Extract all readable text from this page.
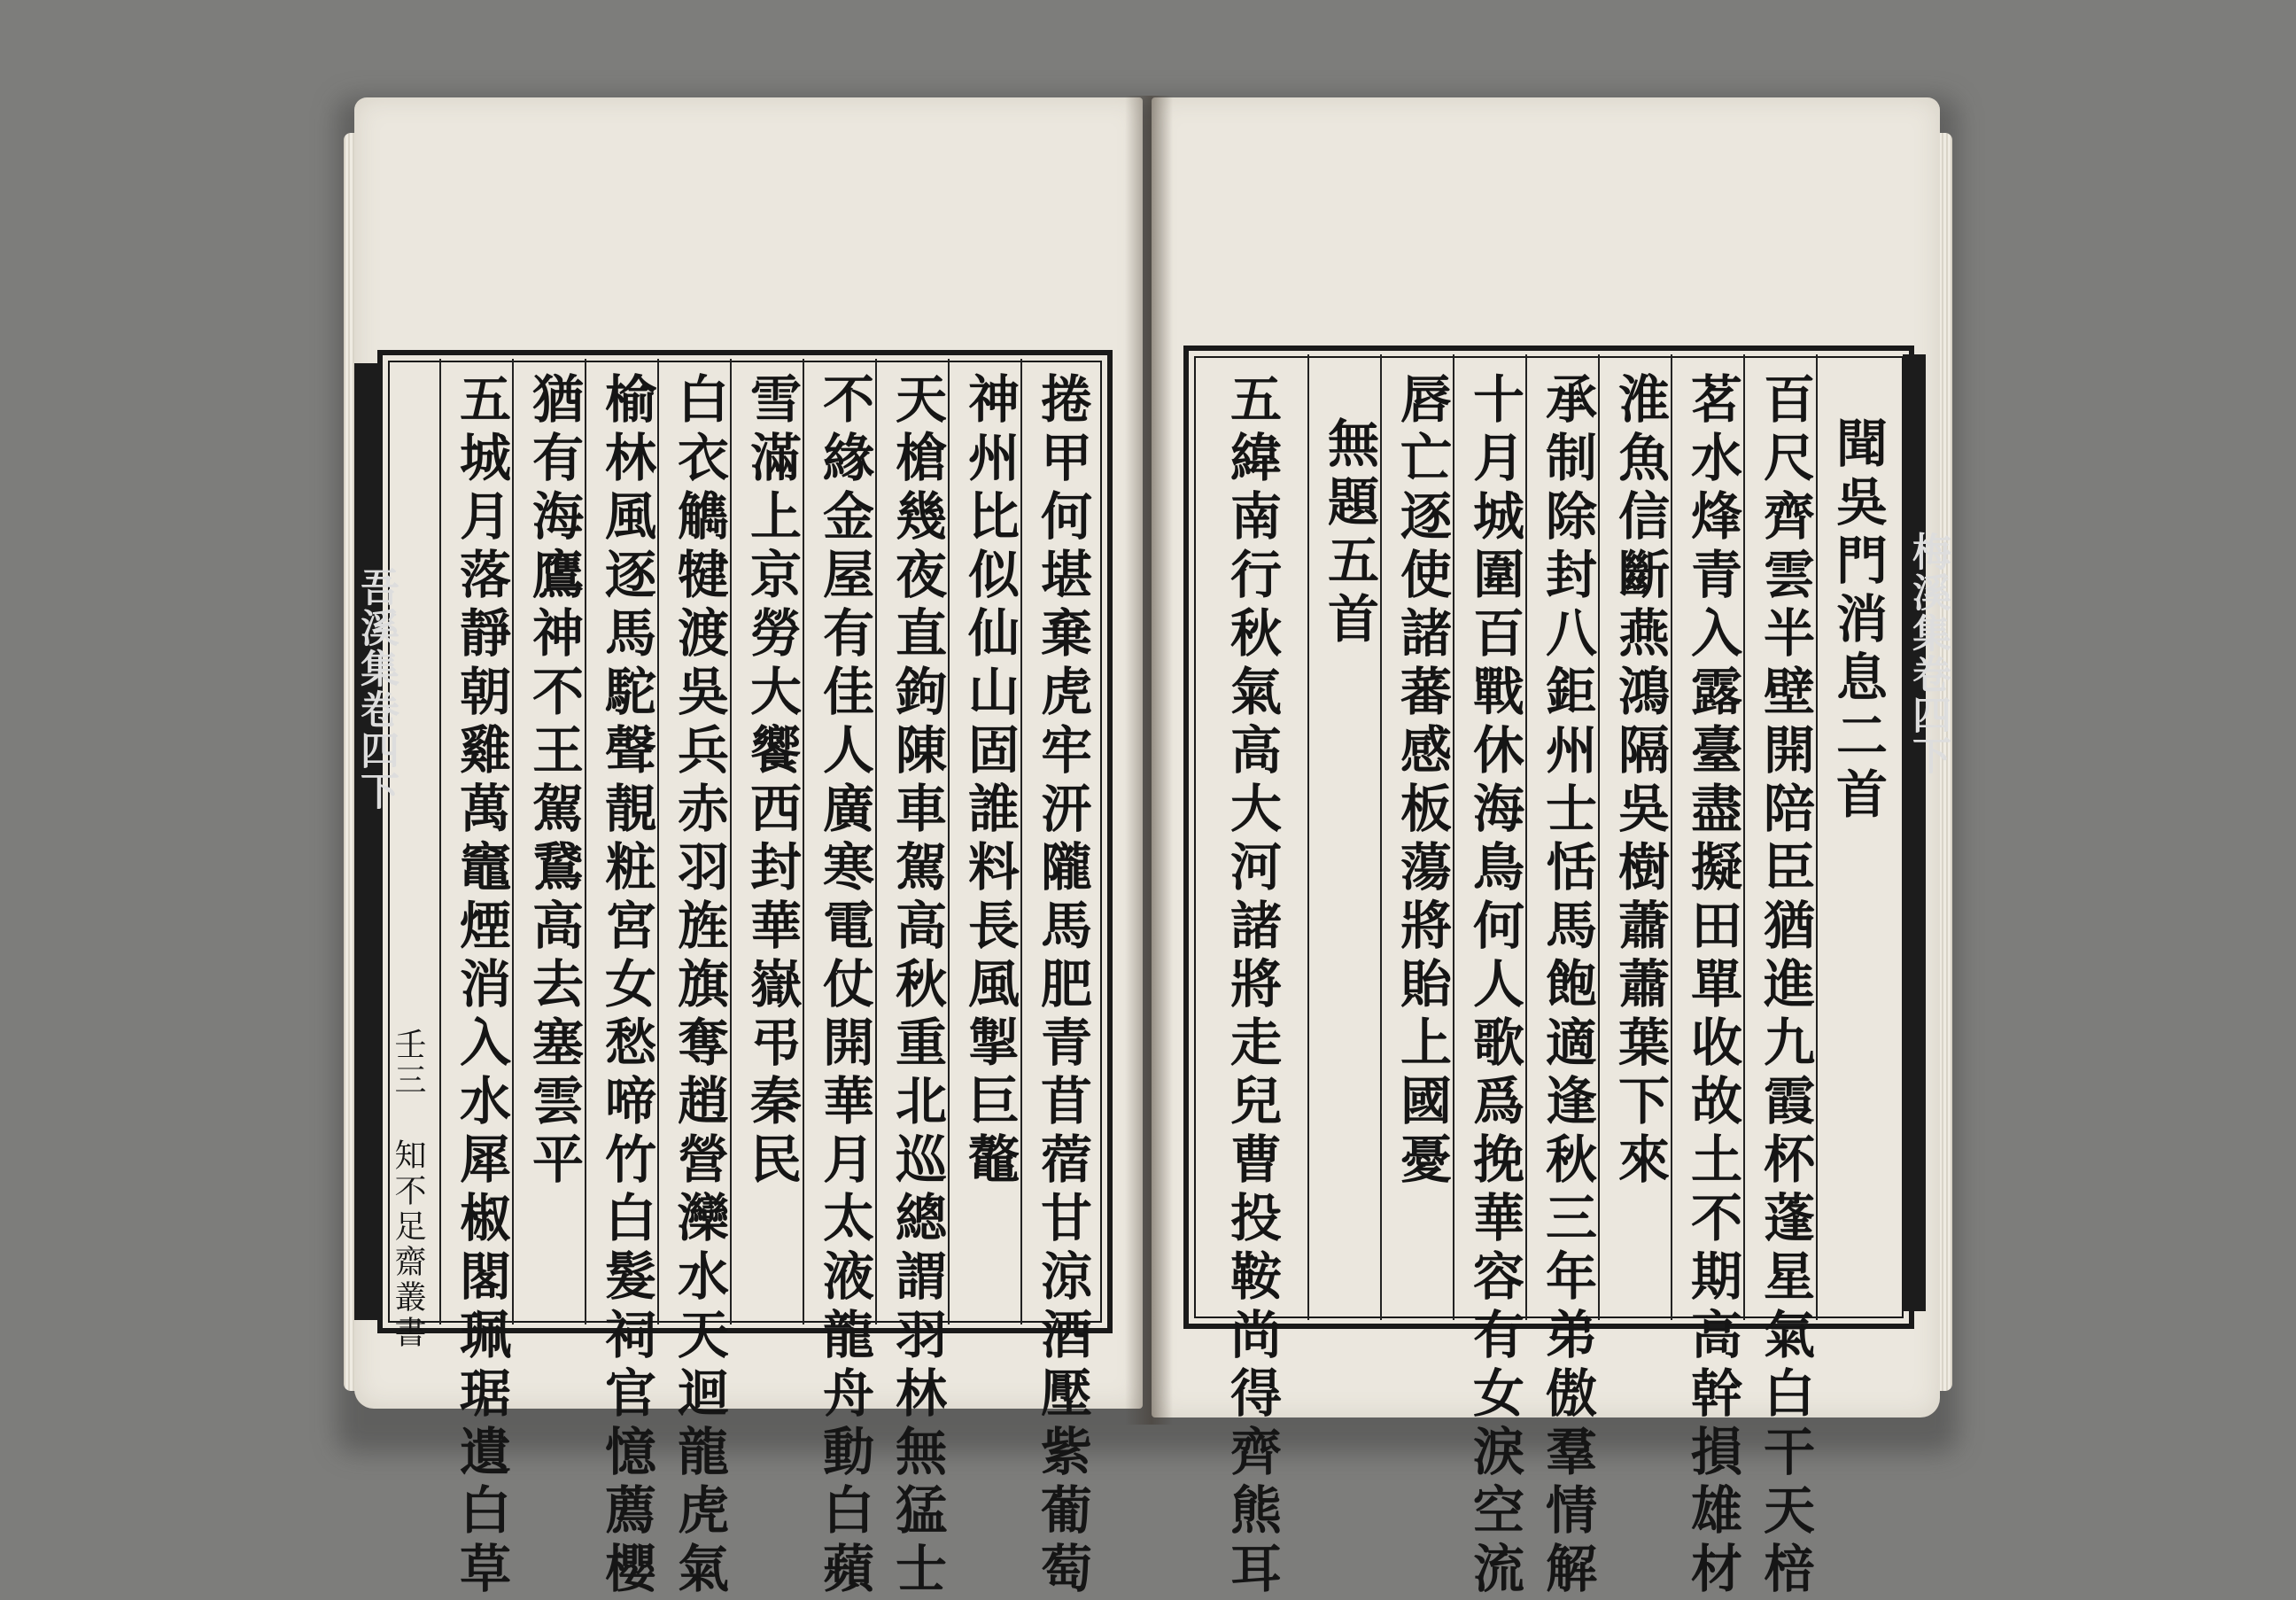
吾溪集卷四下	捲甲何堪棄虎牢汧隴馬肥青苜蓿甘涼酒壓紫葡萄
神州比似仙山固誰料長風掣巨鼇
天槍幾夜直鉤陳車駕高秋重北巡總謂羽林無猛士
不緣金屋有佳人廣寒電仗開華月太液龍舟動白蘋
雪滿上京勞大饗西封華嶽弔秦民
白衣觹犍渡吳兵赤羽旌旗奪趙營灤水天迴龍虎氣
榆林風逐馬駝聲靚粧宮女愁啼竹白髮祠官憶薦櫻
猶有海鷹神不王駕鵞高去塞雲平
五城月落靜朝雞萬竈煙消入水犀椒閣珮琚遺白草
壬三 知不足齋叢書
梅溪集卷四下
聞吳門消息二首
百尺齊雲半壁開陪臣猶進九霞杯蓬星氣白干天棓
茗水烽青入露臺盡擬田單收故土不期高幹損雄材
淮魚信斷燕鴻隔吳樹蕭蕭葉下來
承制除封八鉅州士恬馬飽適逢秋三年弟傲羣情解
十月城圍百戰休海鳥何人歌爲挽華容有女淚空流
唇亡逐使諸蕃感板蕩將貽上國憂
無題五首
五緯南行秋氣高大河諸將走兒曹投鞍尚得齊熊耳
